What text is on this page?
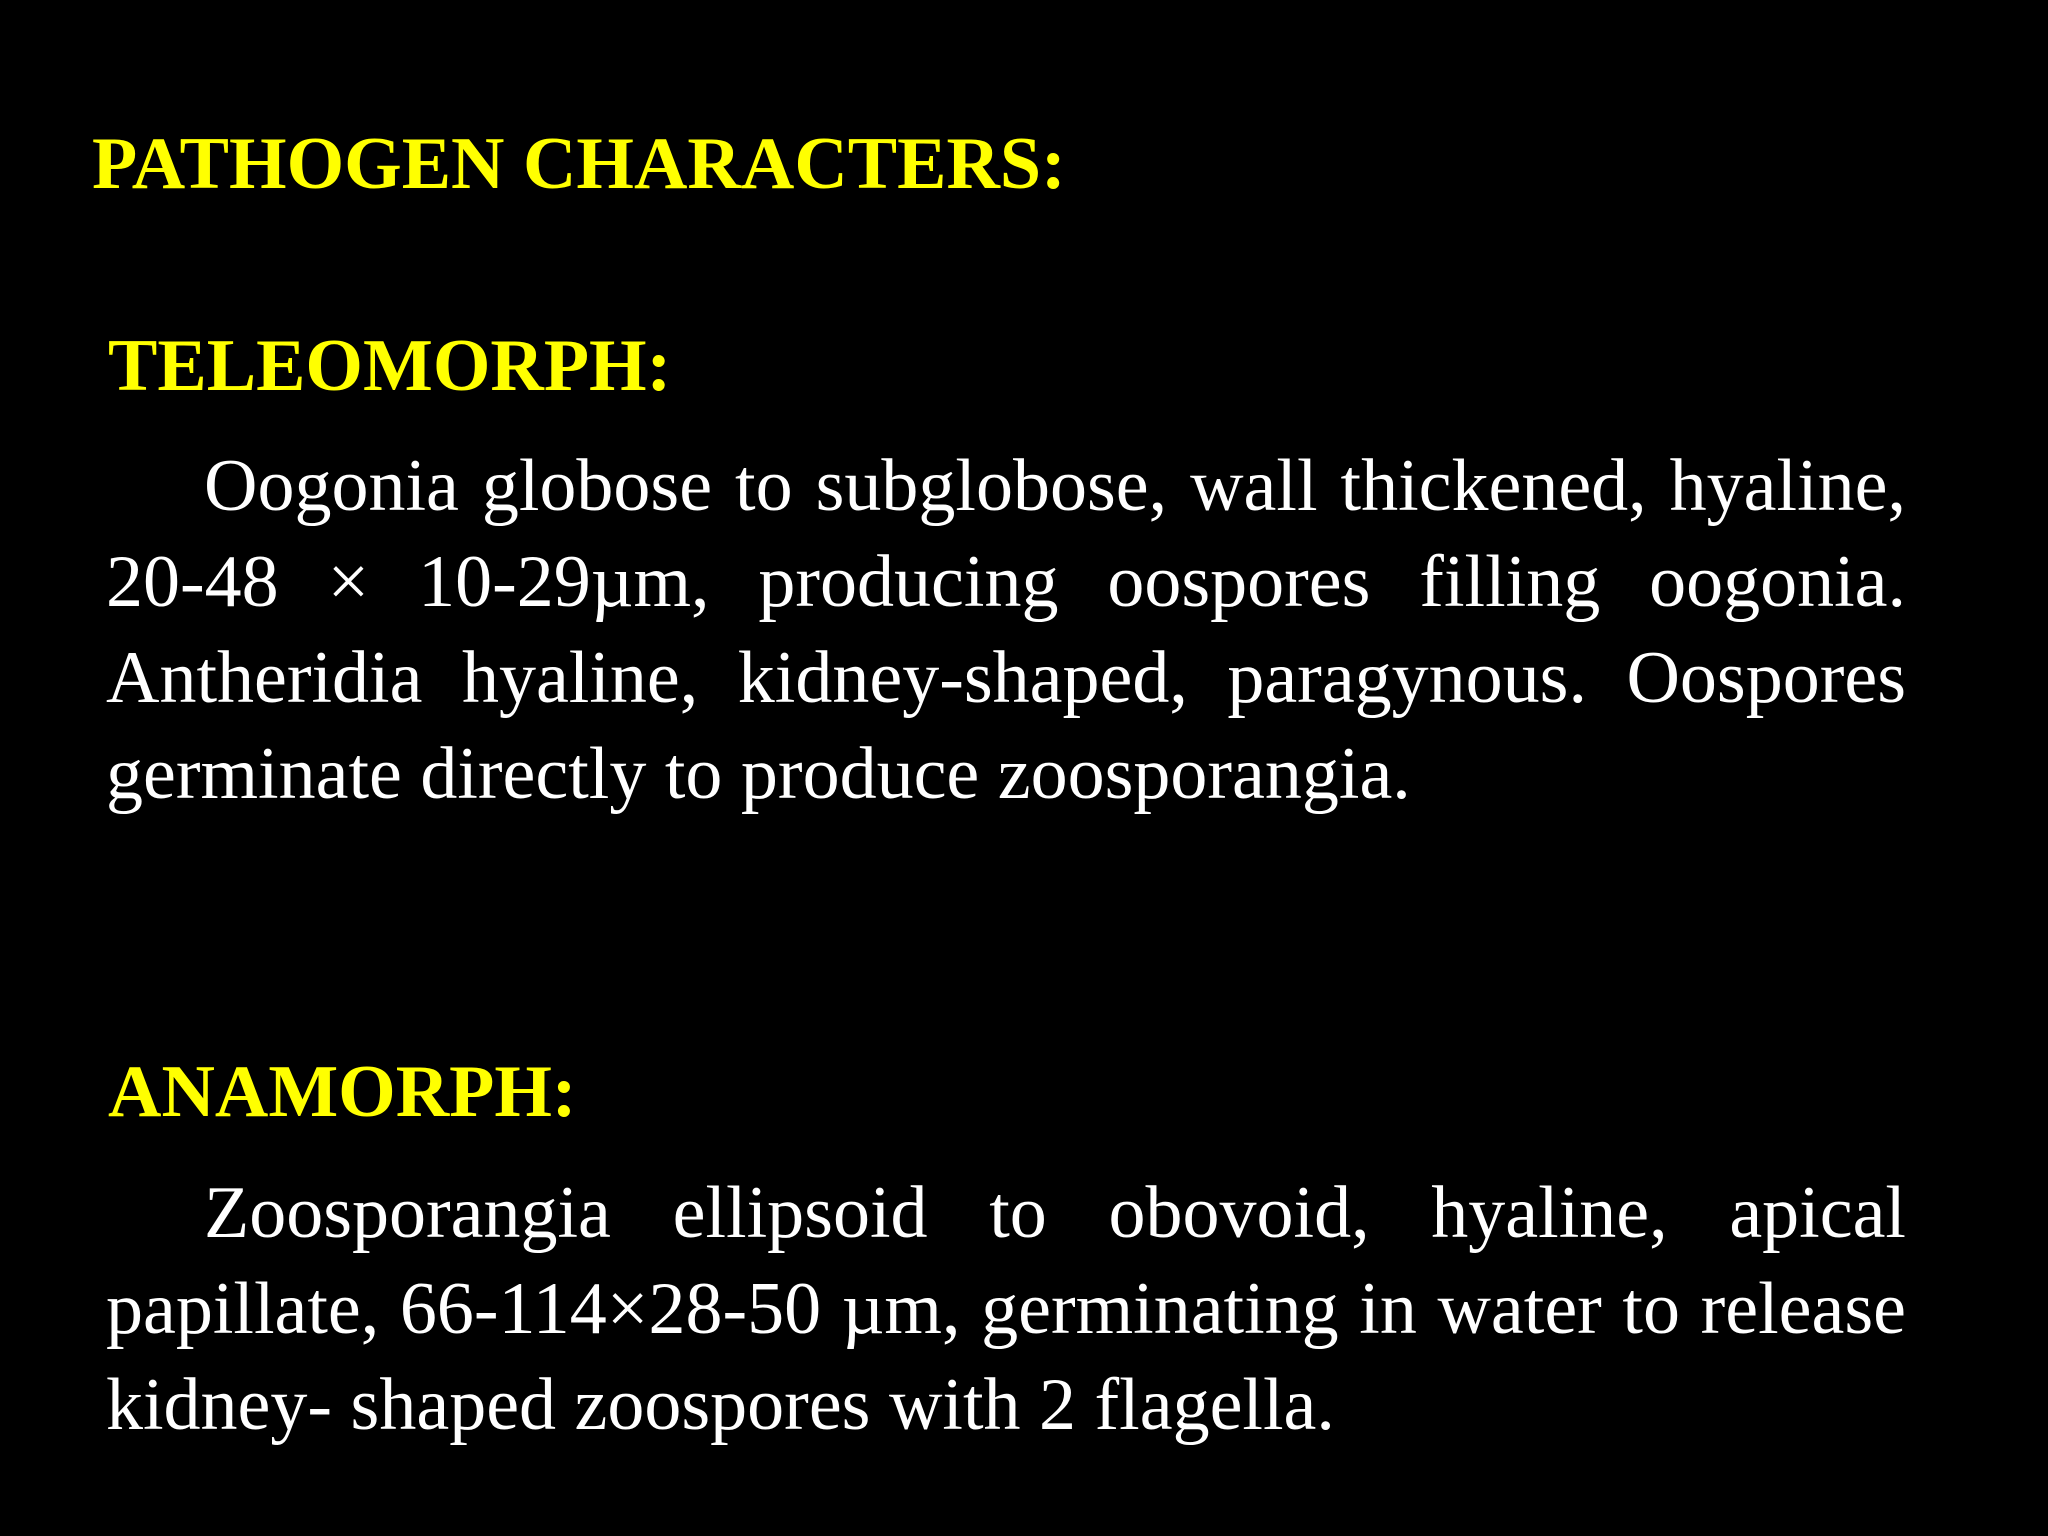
PATHOGEN CHARACTERS:
TELEOMORPH:

Oogonia globose to subglobose, wall thickened, hyaline, 20-48 × 10-29µm, producing oospores filling oogonia. Antheridia hyaline, kidney-shaped, paragynous. Oospores germinate directly to produce zoosporangia.

ANAMORPH:

Zoosporangia ellipsoid to obovoid, hyaline, apical papillate, 66-114×28-50 µm, germinating in water to release kidney- shaped zoospores with 2 flagella.
